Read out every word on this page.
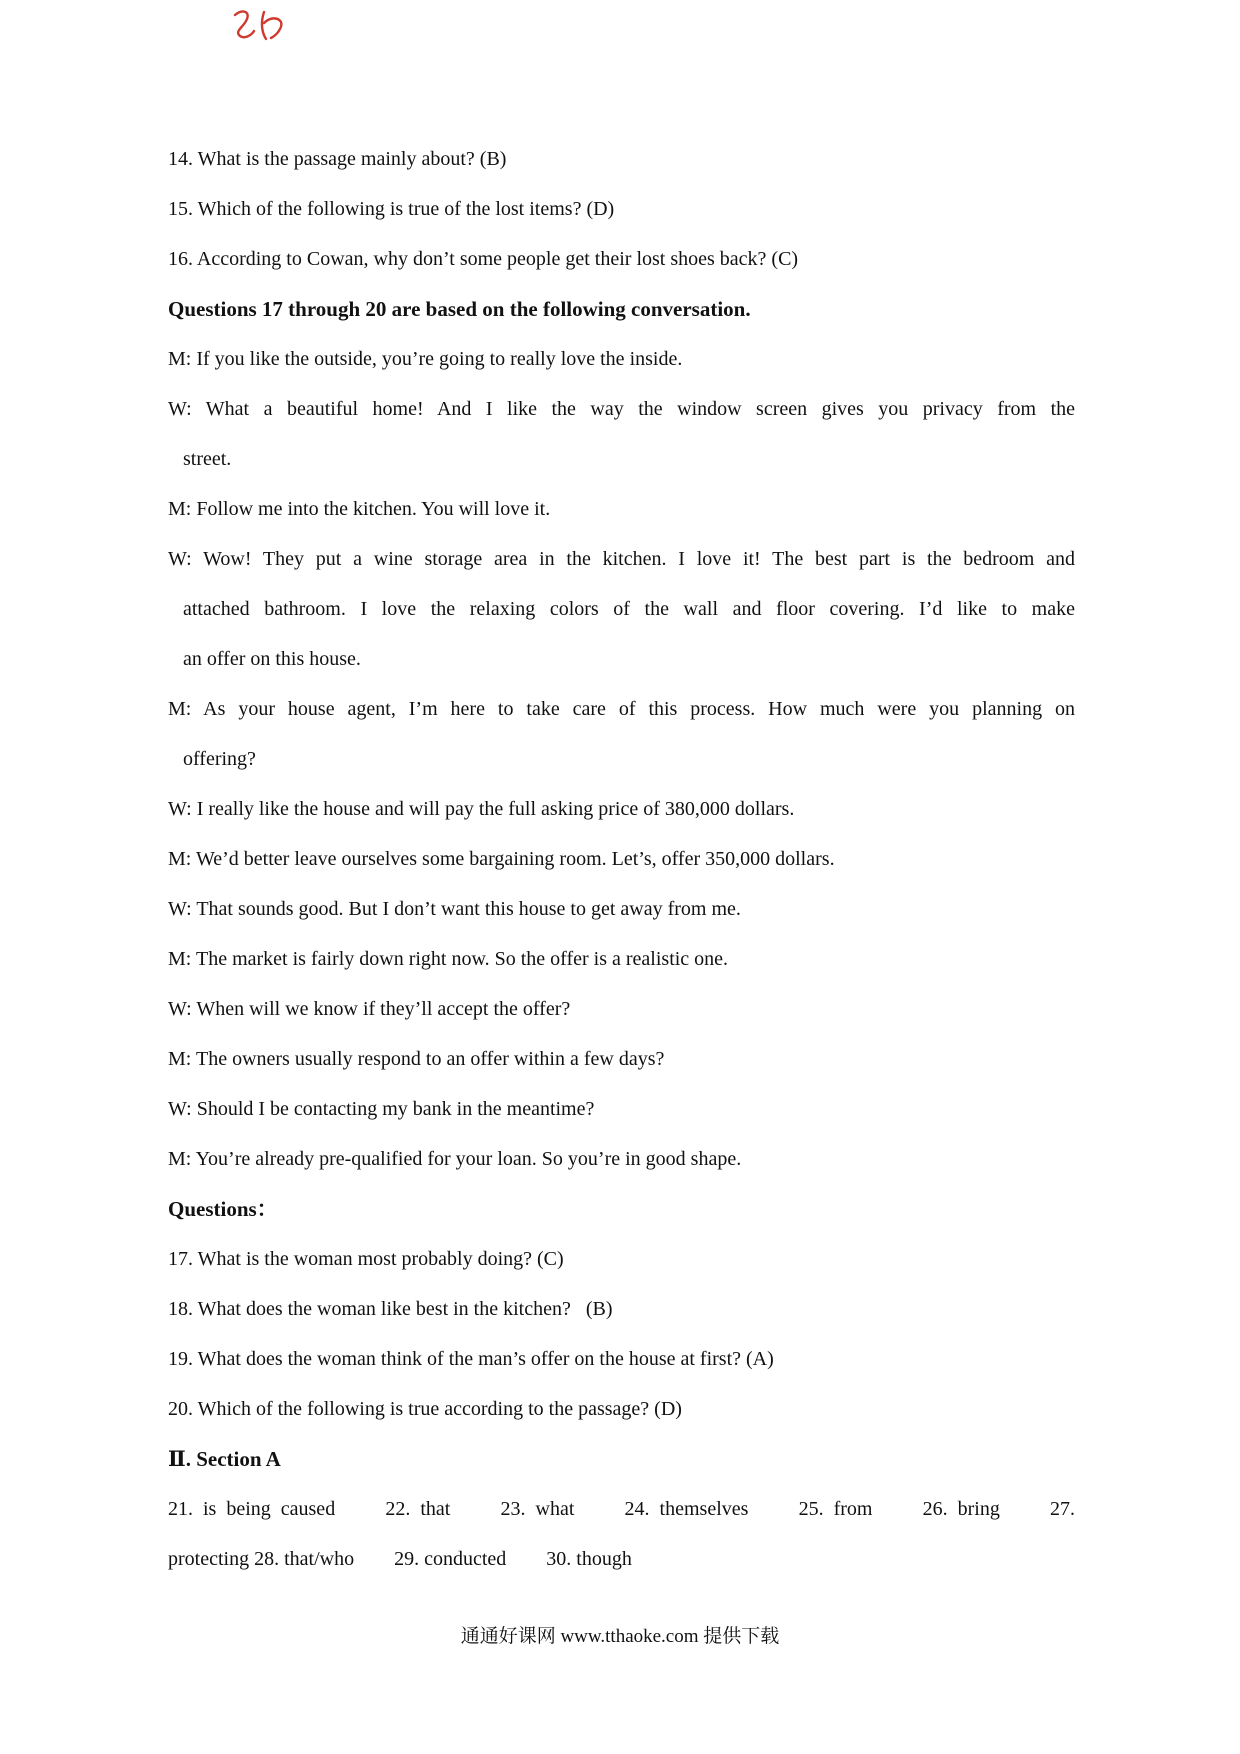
14. What is the passage mainly about? (B)
15. Which of the following is true of the lost items? (D)
16. According to Cowan, why don’t some people get their lost shoes back? (C)
Questions 17 through 20 are based on the following conversation.
M: If you like the outside, you’re going to really love the inside.
W: What a beautiful home! And I like the way the window screen gives you privacy from the
street.
M: Follow me into the kitchen. You will love it.
W: Wow! They put a wine storage area in the kitchen. I love it! The best part is the bedroom and
attached bathroom. I love the relaxing colors of the wall and floor covering. I’d like to make
an offer on this house.
M: As your house agent, I’m here to take care of this process. How much were you planning on
offering?
W: I really like the house and will pay the full asking price of 380,000 dollars.
M: We’d better leave ourselves some bargaining room. Let’s, offer 350,000 dollars.
W: That sounds good. But I don’t want this house to get away from me.
M: The market is fairly down right now. So the offer is a realistic one.
W: When will we know if they’ll accept the offer?
M: The owners usually respond to an offer within a few days?
W: Should I be contacting my bank in the meantime?
M: You’re already pre-qualified for your loan. So you’re in good shape.
Questions：
17. What is the woman most probably doing? (C)
18. What does the woman like best in the kitchen?   (B)
19. What does the woman think of the man’s offer on the house at first? (A)
20. Which of the following is true according to the passage? (D)
Ⅱ. Section A
21. is being caused	22. that	23. what	24. themselves	25. from	26. bring	27.
protecting 28. that/who 29. conducted 30. though
通通好课网 www.tthaoke.com 提供下载
